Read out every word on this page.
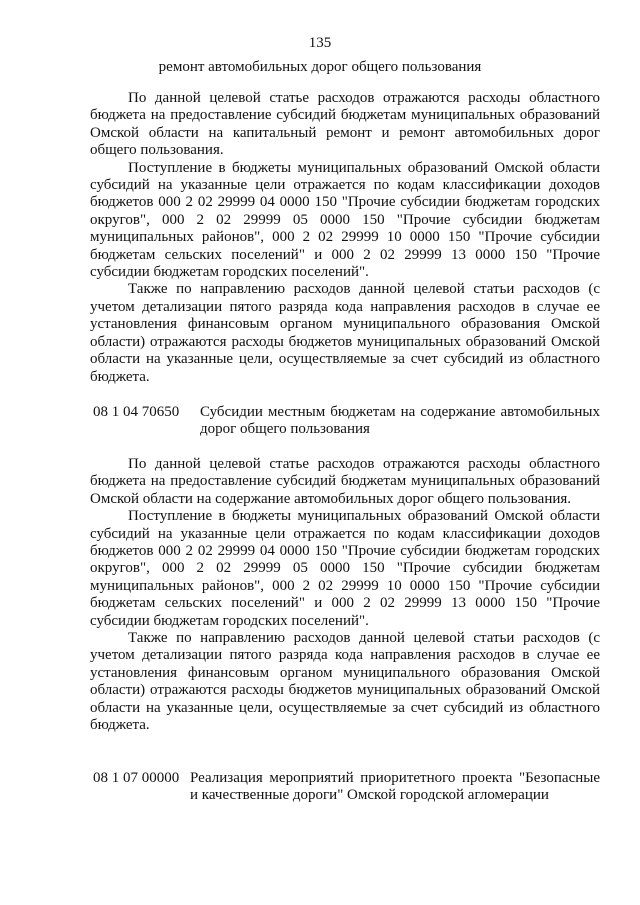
135
ремонт автомобильных дорог общего пользования

По данной целевой статье расходов отражаются расходы областного бюджета на предоставление субсидий бюджетам муниципальных образований Омской области на капитальный ремонт и ремонт автомобильных дорог общего пользования.

Поступление в бюджеты муниципальных образований Омской области субсидий на указанные цели отражается по кодам классификации доходов бюджетов 000 2 02 29999 04 0000 150 "Прочие субсидии бюджетам городских округов", 000 2 02 29999 05 0000 150 "Прочие субсидии бюджетам муниципальных районов", 000 2 02 29999 10 0000 150 "Прочие субсидии бюджетам сельских поселений" и 000 2 02 29999 13 0000 150 "Прочие субсидии бюджетам городских поселений".

Также по направлению расходов данной целевой статьи расходов (с учетом детализации пятого разряда кода направления расходов в случае ее установления финансовым органом муниципального образования Омской области) отражаются расходы бюджетов муниципальных образований Омской области на указанные цели, осуществляемые за счет субсидий из областного бюджета.

08 1 04 70650 Субсидии местным бюджетам на содержание автомобильных дорог общего пользования

По данной целевой статье расходов отражаются расходы областного бюджета на предоставление субсидий бюджетам муниципальных образований Омской области на содержание автомобильных дорог общего пользования.

Поступление в бюджеты муниципальных образований Омской области субсидий на указанные цели отражается по кодам классификации доходов бюджетов 000 2 02 29999 04 0000 150 "Прочие субсидии бюджетам городских округов", 000 2 02 29999 05 0000 150 "Прочие субсидии бюджетам муниципальных районов", 000 2 02 29999 10 0000 150 "Прочие субсидии бюджетам сельских поселений" и 000 2 02 29999 13 0000 150 "Прочие субсидии бюджетам городских поселений".

Также по направлению расходов данной целевой статьи расходов (с учетом детализации пятого разряда кода направления расходов в случае ее установления финансовым органом муниципального образования Омской области) отражаются расходы бюджетов муниципальных образований Омской области на указанные цели, осуществляемые за счет субсидий из областного бюджета.

08 1 07 00000 Реализация мероприятий приоритетного проекта "Безопасные и качественные дороги" Омской городской агломерации
